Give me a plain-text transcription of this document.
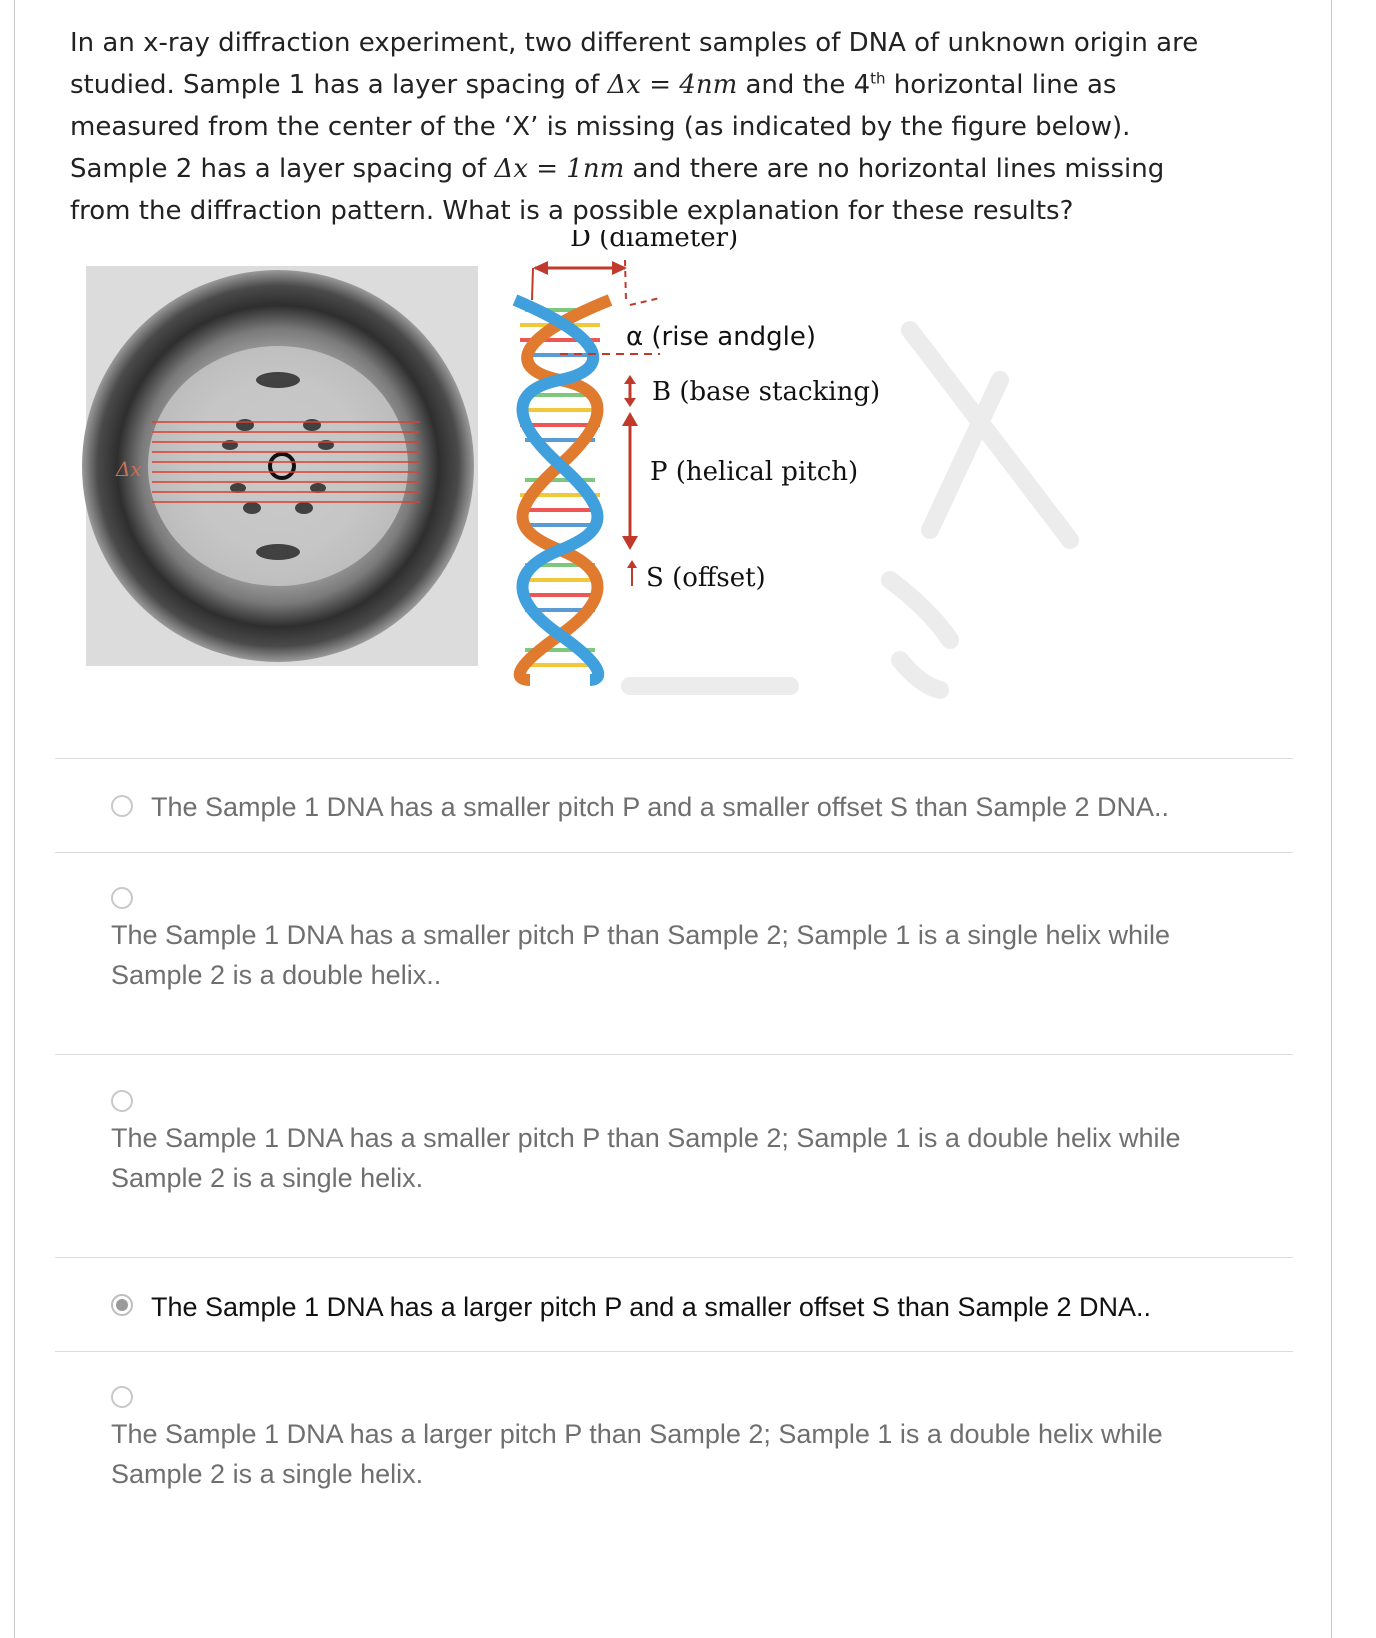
In an x-ray diffraction experiment, two different samples of DNA of unknown origin are
studied. Sample 1 has a layer spacing of Δx = 4nm and the 4th horizontal line as
measured from the center of the ‘X’ is missing (as indicated by the figure below).
Sample 2 has a layer spacing of Δx = 1nm and there are no horizontal lines missing
from the diffraction pattern. What is a possible explanation for these results?
Δx
D (diameter)
α (rise andgle)
B (base stacking)
P (helical pitch)
S (offset)
The Sample 1 DNA has a smaller pitch P and a smaller offset S than Sample 2 DNA..
The Sample 1 DNA has a smaller pitch P than Sample 2; Sample 1 is a single helix while
Sample 2 is a double helix..
The Sample 1 DNA has a smaller pitch P than Sample 2; Sample 1 is a double helix while
Sample 2 is a single helix.
The Sample 1 DNA has a larger pitch P and a smaller offset S than Sample 2 DNA..
The Sample 1 DNA has a larger pitch P than Sample 2; Sample 1 is a double helix while
Sample 2 is a single helix.
